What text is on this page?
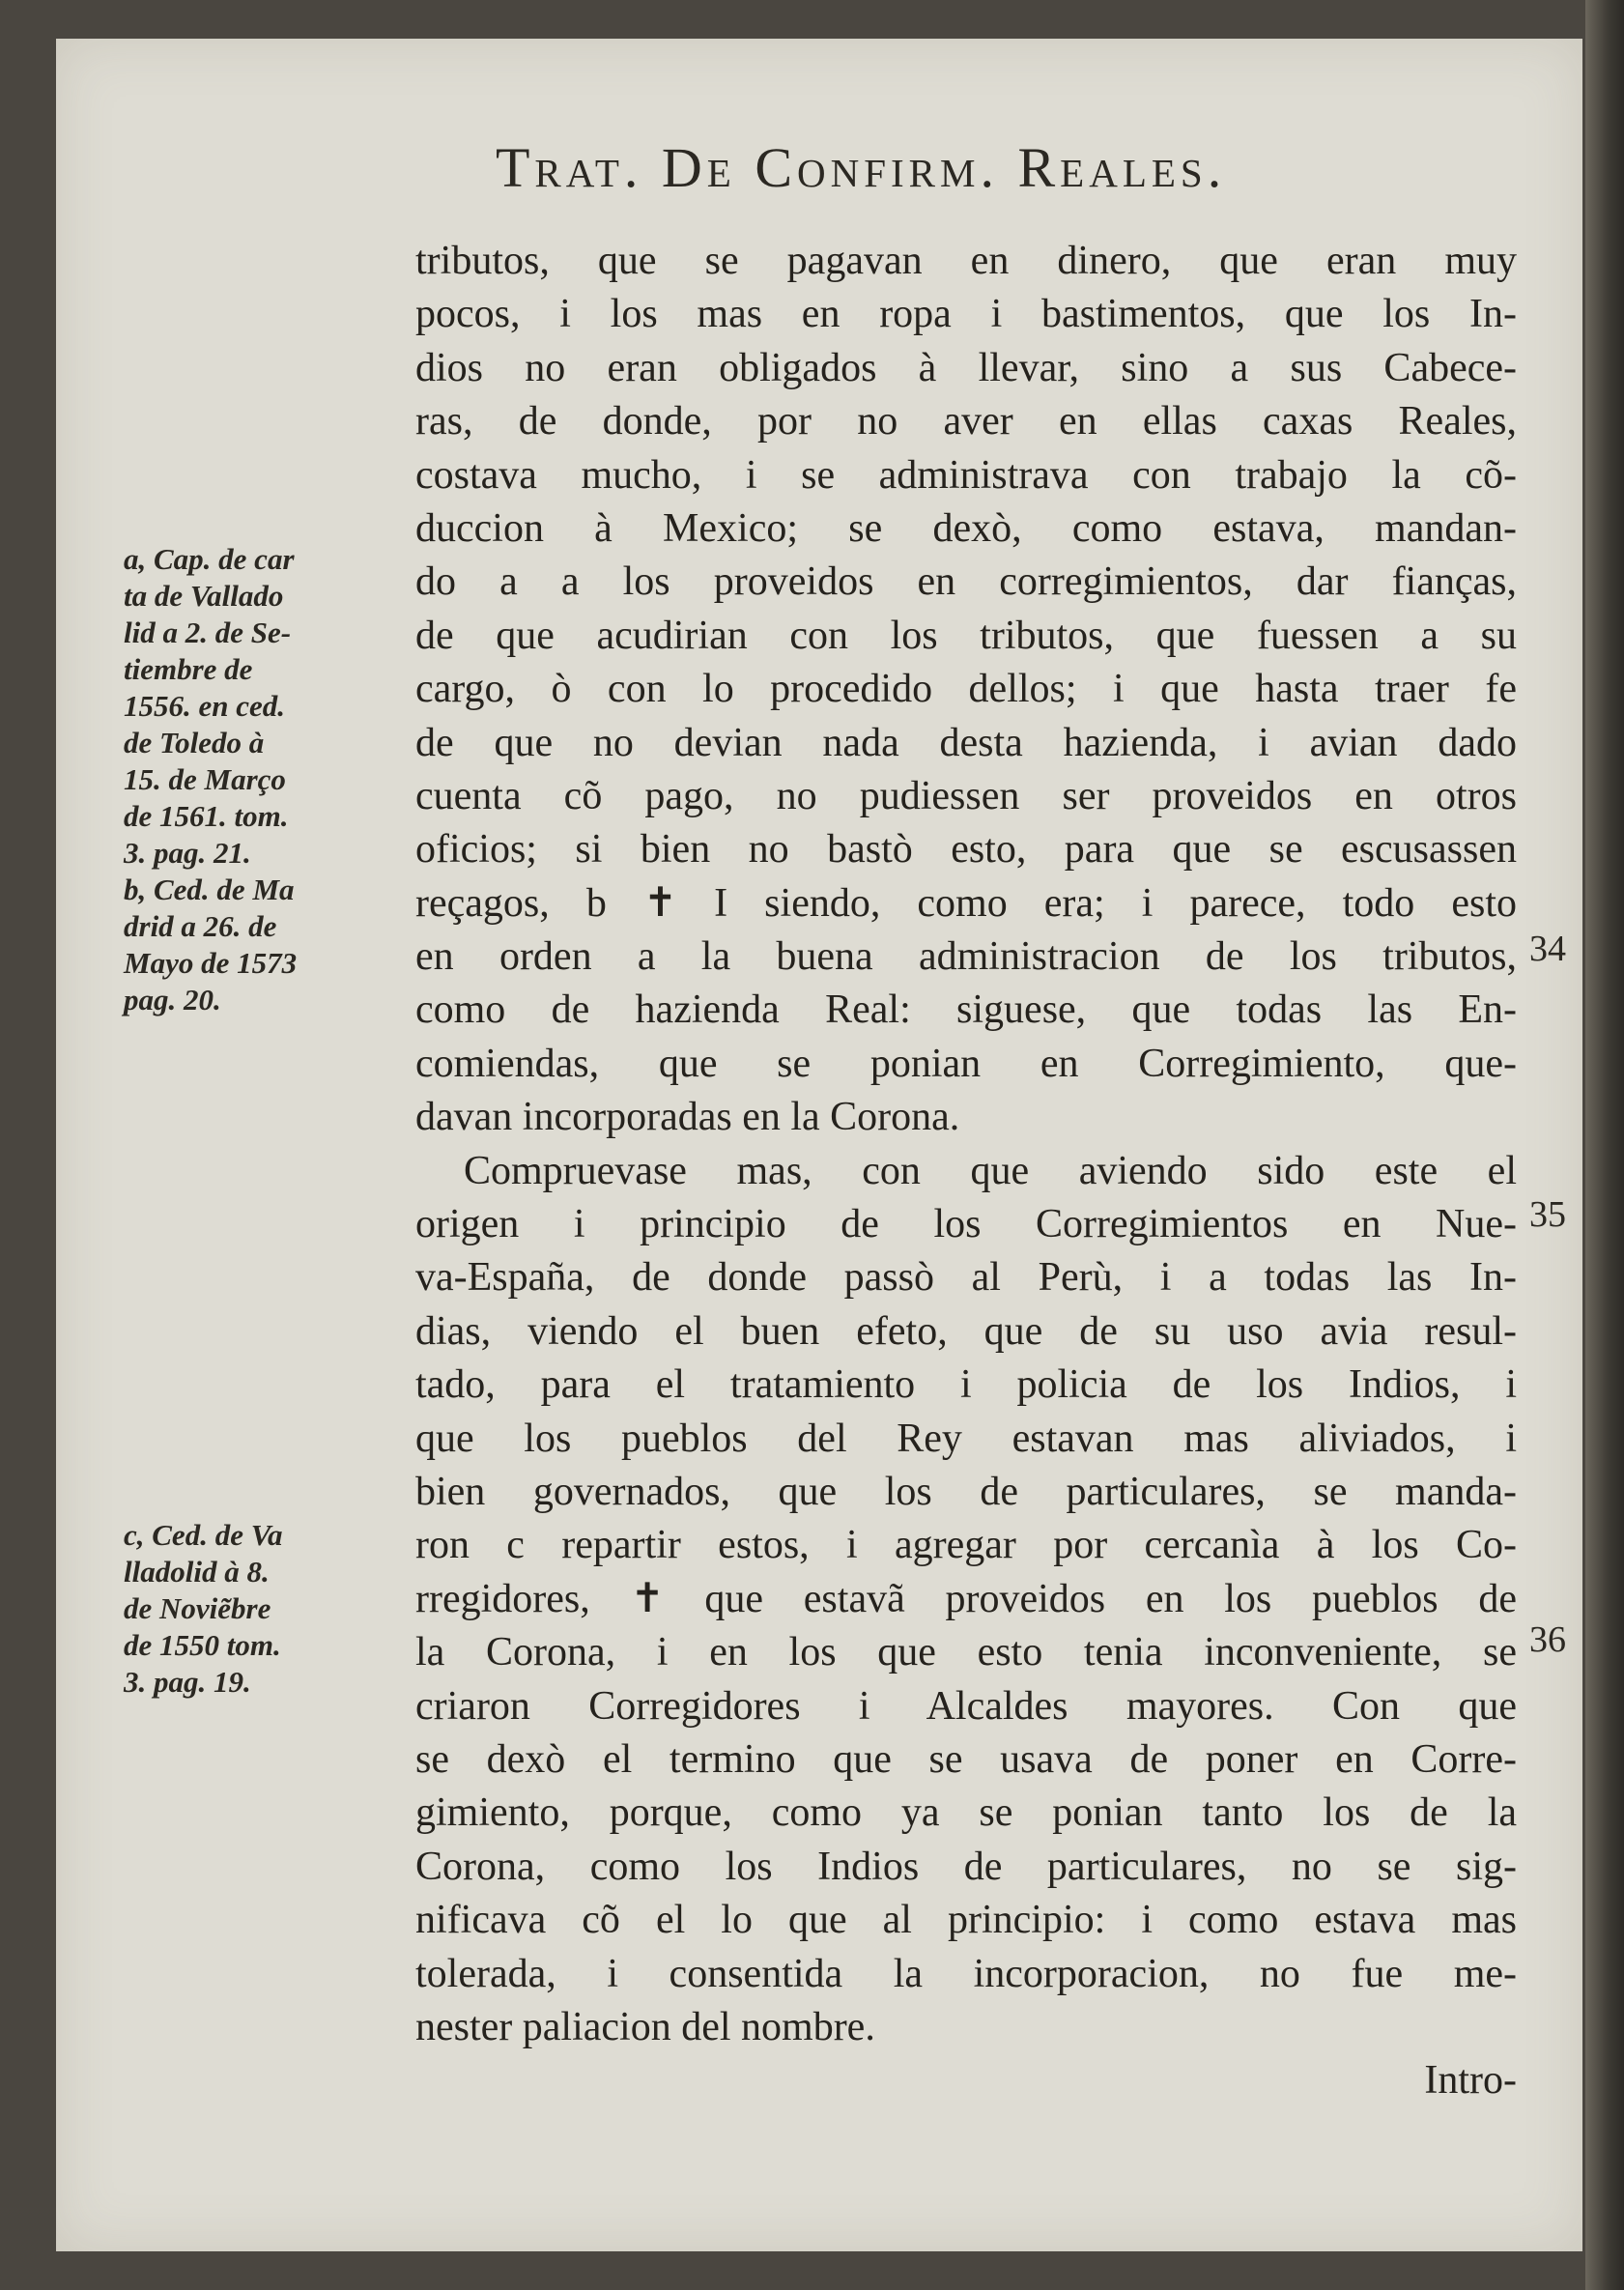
Trat. De Confirm. Reales.
a, Cap. de car
ta de Vallado
lid a 2. de Se-
tiembre de
1556. en ced.
de Toledo à
15. de Março
de 1561. tom.
3. pag. 21.
b, Ced. de Ma
drid a 26. de
Mayo de 1573
pag. 20.
c, Ced. de Va
lladolid à 8.
de Noviẽbre
de 1550 tom.
3. pag. 19.
34
35
36
tributos, que se pagavan en dinero, que eran muy
pocos, i los mas en ropa i bastimentos, que los In-
dios no eran obligados à llevar, sino a sus Cabece-
ras, de donde, por no aver en ellas caxas Reales,
costava mucho, i se administrava con trabajo la cõ-
duccion à Mexico; se dexò, como estava, mandan-
do a a los proveidos en corregimientos, dar fianças,
de que acudirian con los tributos, que fuessen a su
cargo, ò con lo procedido dellos; i que hasta traer fe
de que no devian nada desta hazienda, i avian dado
cuenta cõ pago, no pudiessen ser proveidos en otros
oficios; si bien no bastò esto, para que se escusassen
reçagos, b ✝ I siendo, como era; i parece, todo esto
en orden a la buena administracion de los tributos,
como de hazienda Real: siguese, que todas las En-
comiendas, que se ponian en Corregimiento, que-
davan incorporadas en la Corona.
Compruevase mas, con que aviendo sido este el
origen i principio de los Corregimientos en Nue-
va-España, de donde passò al Perù, i a todas las In-
dias, viendo el buen efeto, que de su uso avia resul-
tado, para el tratamiento i policia de los Indios, i
que los pueblos del Rey estavan mas aliviados, i
bien governados, que los de particulares, se manda-
ron c repartir estos, i agregar por cercanìa à los Co-
rregidores, ✝ que estavã proveidos en los pueblos de
la Corona, i en los que esto tenia inconveniente, se
criaron Corregidores i Alcaldes mayores. Con que
se dexò el termino que se usava de poner en Corre-
gimiento, porque, como ya se ponian tanto los de la
Corona, como los Indios de particulares, no se sig-
nificava cõ el lo que al principio: i como estava mas
tolerada, i consentida la incorporacion, no fue me-
nester paliacion del nombre.
Intro-
